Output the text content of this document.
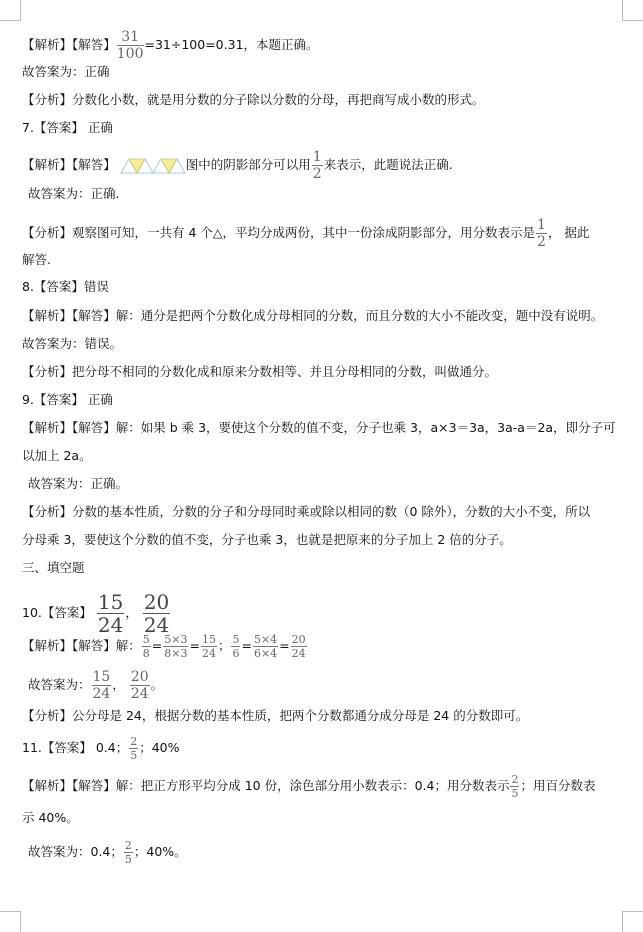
【解析】【解答】 $\frac{31}{100} =31\div 100=0.31$，本题正确。
故答案为：正确
【分析】分数化小数，就是用分数的分子除以分数的分母，再把商写成小数的形式。
7.【答案】 正确
【解析】【解答】	图中的阴影部分可以用 $\frac{1}{2}$ 来表示，此题说法正确.
故答案为：正确.
【分析】观察图可知，一共有 4 个△，平均分成两份，其中一份涂成阴影部分，用分数表示是 $\frac{1}{2}$ ， 据此
解答.
8.【答案】错误
【解析】【解答】解：通分是把两个分数化成分母相同的分数，而且分数的大小不能改变，题中没有说明。
故答案为：错误。
【分析】把分母不相同的分数化成和原来分数相等、并且分母相同的分数，叫做通分。
9.【答案】 正确
【解析】【解答】解：如果 b 乘 3，要使这个分数的值不变，分子也乘 3，a×3＝3a，3a-a＝2a，即分子可
以加上 2a。
故答案为：正确。
【分析】分数的基本性质，分数的分子和分母同时乘或除以相同的数（0 除外），分数的大小不变，所以
分母乘 3，要使这个分数的值不变，分子也乘 3，也就是把原来的分子加上 2 倍的分子。
三、填空题
10.【答案】 $\frac{15}{24}$ ， $\frac{20}{24}$
【解析】【解答】解： $\frac{5}{8} = \frac{5\times 3}{8\times 3} = \frac{15}{24}$ ； $\frac{5}{6} = \frac{5\times 4}{6\times 4} = \frac{20}{24}$
故答案为： $\frac{15}{24}$ ， $\frac{20}{24}$ 。
【分析】公分母是 24，根据分数的基本性质，把两个分数都通分成分母是 24 的分数即可。
11.【答案】 0.4； $\frac{2}{5}$ ；40%
【解析】【解答】解：把正方形平均分成 10 份，涂色部分用小数表示：0.4；用分数表示 $\frac{2}{5}$ ；用百分数表
示 40%。
故答案为：0.4； $\frac{2}{5}$ ；40%。
